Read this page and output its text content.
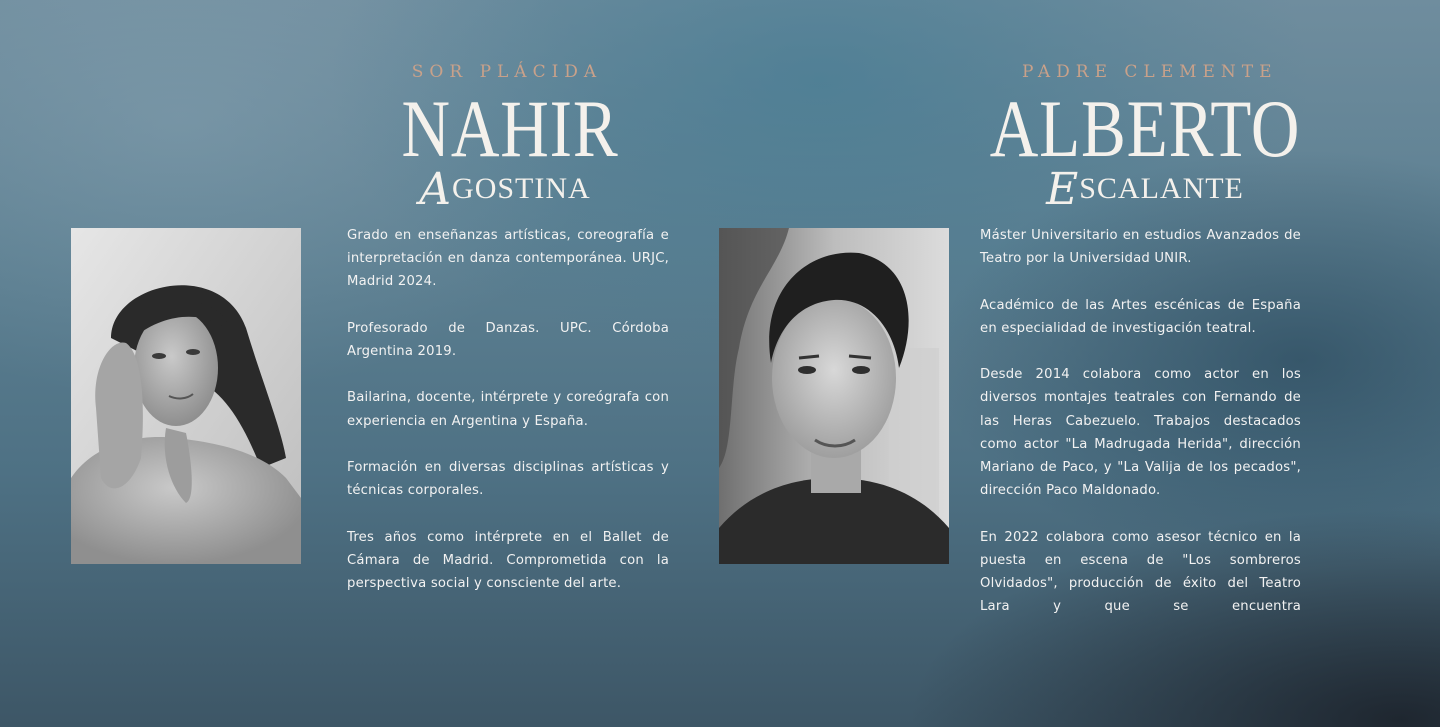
SOR PLÁCIDA
NAHIR
AGOSTINA

Grado en enseñanzas artísticas, coreografía e interpretación en danza contemporánea. URJC, Madrid 2024.

Profesorado de Danzas. UPC. Córdoba Argentina 2019.

Bailarina, docente, intérprete y coreógrafa con experiencia en Argentina y España.

Formación en diversas disciplinas artísticas y técnicas corporales.

Tres años como intérprete en el Ballet de Cámara de Madrid. Comprometida con la perspectiva social y consciente del arte.

PADRE CLEMENTE
ALBERTO
ESCALANTE

Máster Universitario en estudios Avanzados de Teatro por la Universidad UNIR.

Académico de las Artes escénicas de España en especialidad de investigación teatral.

Desde 2014 colabora como actor en los diversos montajes teatrales con Fernando de las Heras Cabezuelo. Trabajos destacados como actor "La Madrugada Herida", dirección Mariano de Paco, y "La Valija de los pecados", dirección Paco Maldonado.

En 2022 colabora como asesor técnico en la puesta en escena de "Los sombreros Olvidados", producción de éxito del Teatro Lara y que se encuentra
